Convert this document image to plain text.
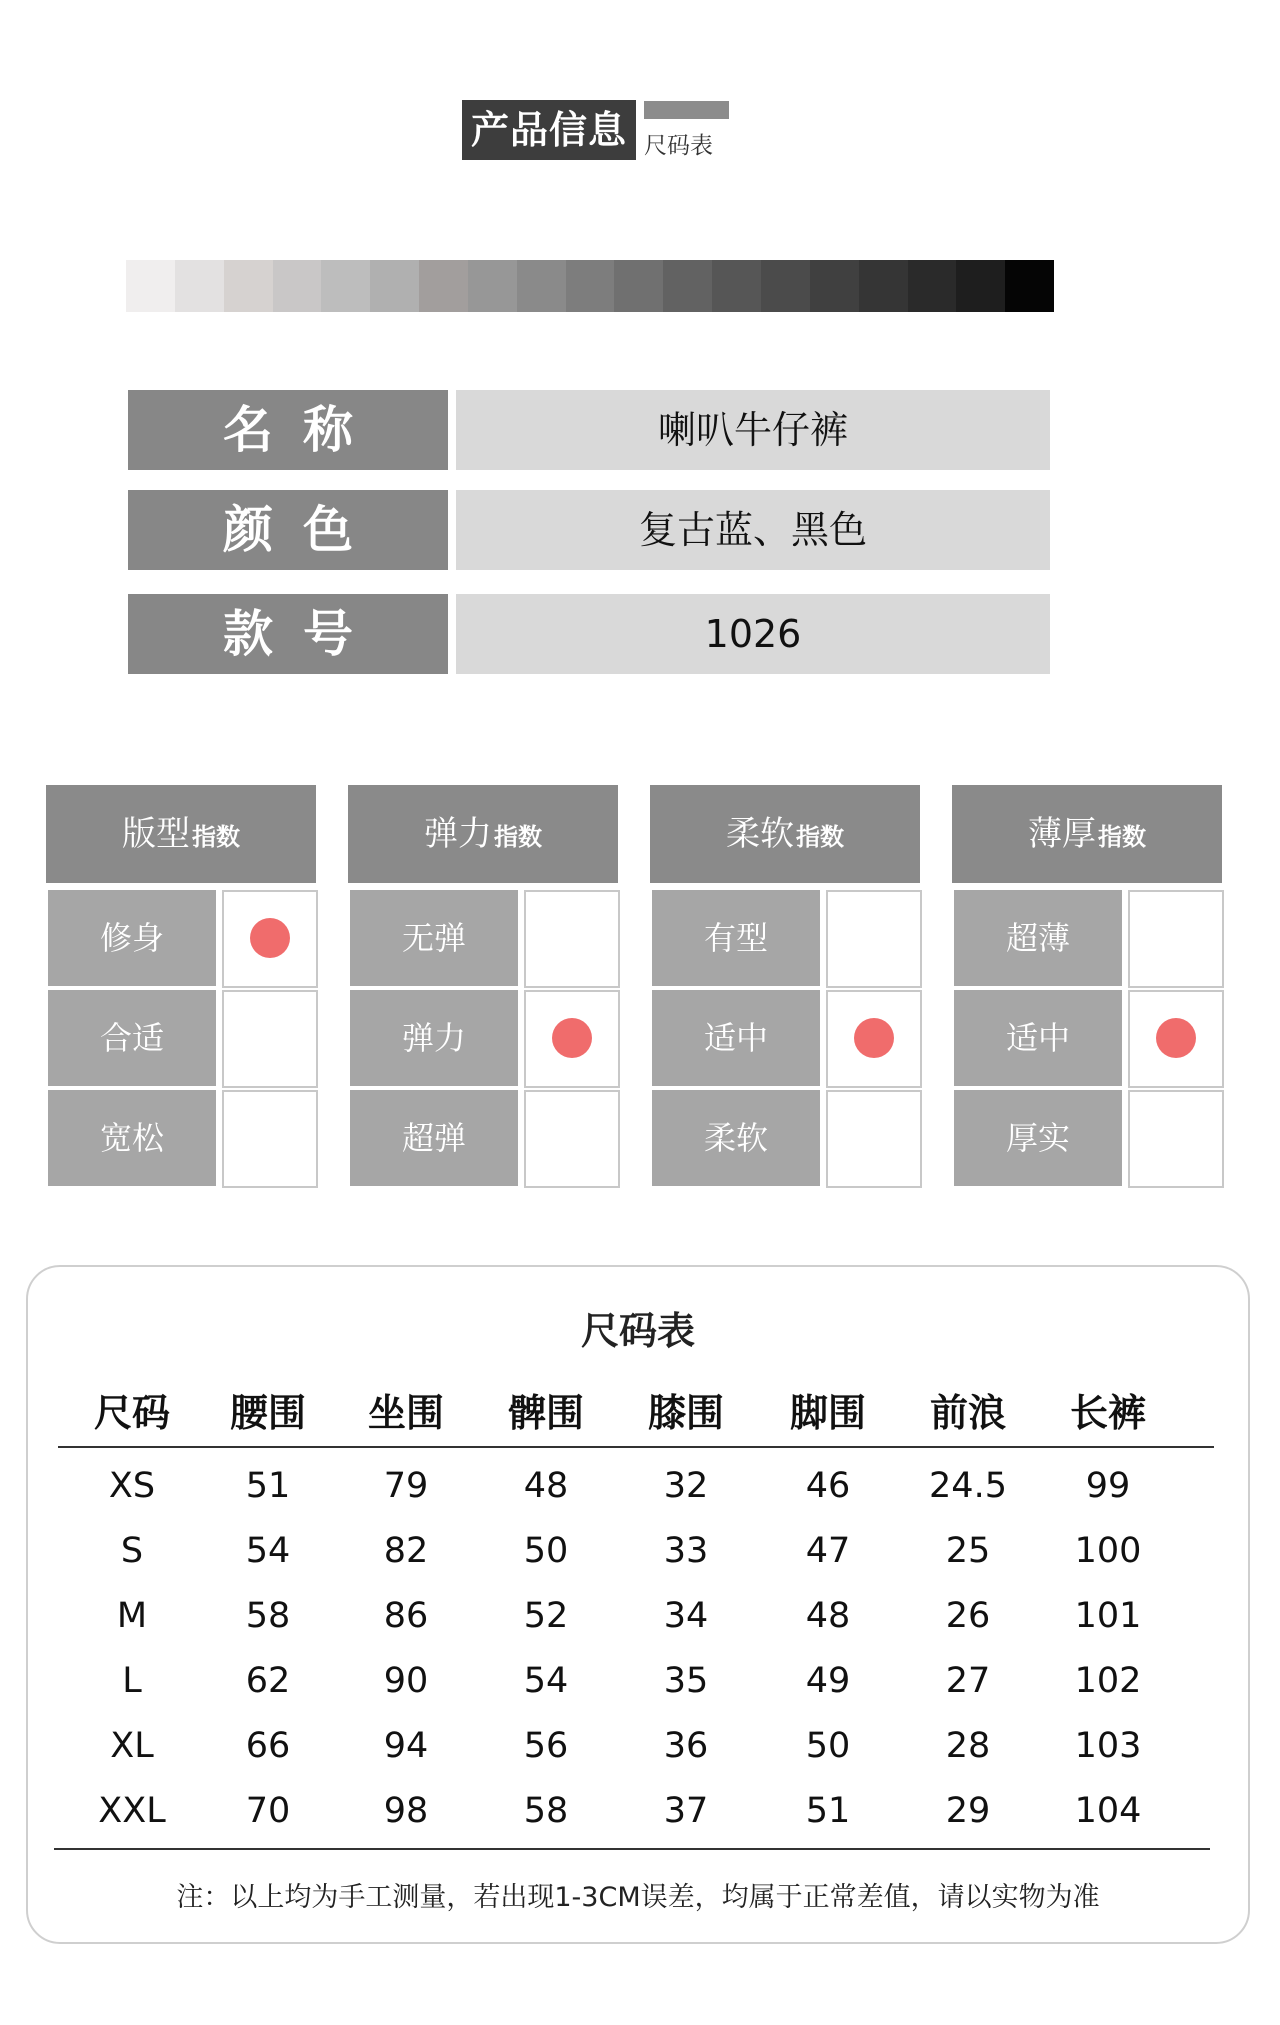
产品信息 尺码表
名称	喇叭牛仔裤
颜色	复古蓝、黑色
款号	1026
版型指数
修身
合适
宽松
弹力指数
无弹
弹力
超弹
柔软指数
有型
适中
柔软
薄厚指数
超薄
适中
厚实
尺码表
尺码	腰围	坐围	髀围	膝围	脚围	前浪	长裤
XS	51	79	48	32	46	24.5	99
S	54	82	50	33	47	25	100
M	58	86	52	34	48	26	101
L	62	90	54	35	49	27	102
XL	66	94	56	36	50	28	103
XXL	70	98	58	37	51	29	104
注：以上均为手工测量，若出现1-3CM误差，均属于正常差值，请以实物为准
